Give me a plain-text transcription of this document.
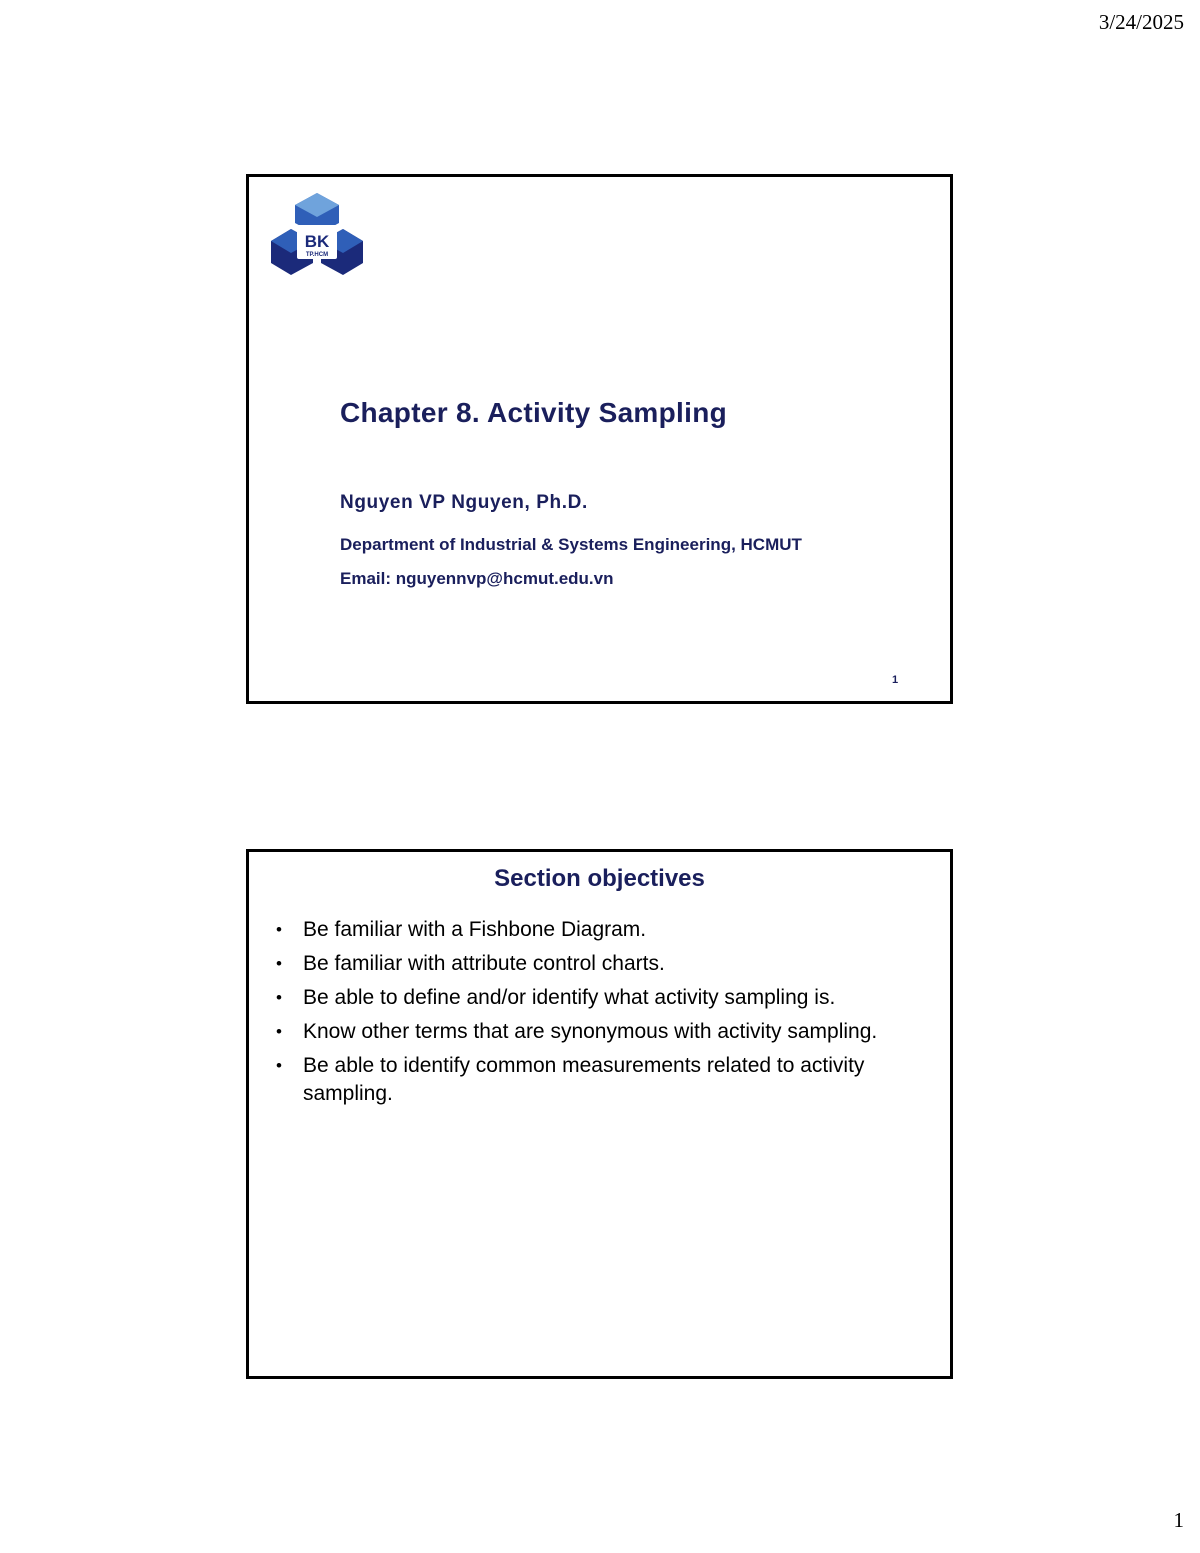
3/24/2025
BK
TP.HCM
Chapter 8. Activity Sampling
Nguyen VP Nguyen, Ph.D.
Department of Industrial & Systems Engineering, HCMUT
Email: nguyennvp@hcmut.edu.vn
1
Section objectives
• Be familiar with a Fishbone Diagram.
• Be familiar with attribute control charts.
• Be able to define and/or identify what activity sampling is.
• Know other terms that are synonymous with activity sampling.
• Be able to identify common measurements related to activity sampling.
1
